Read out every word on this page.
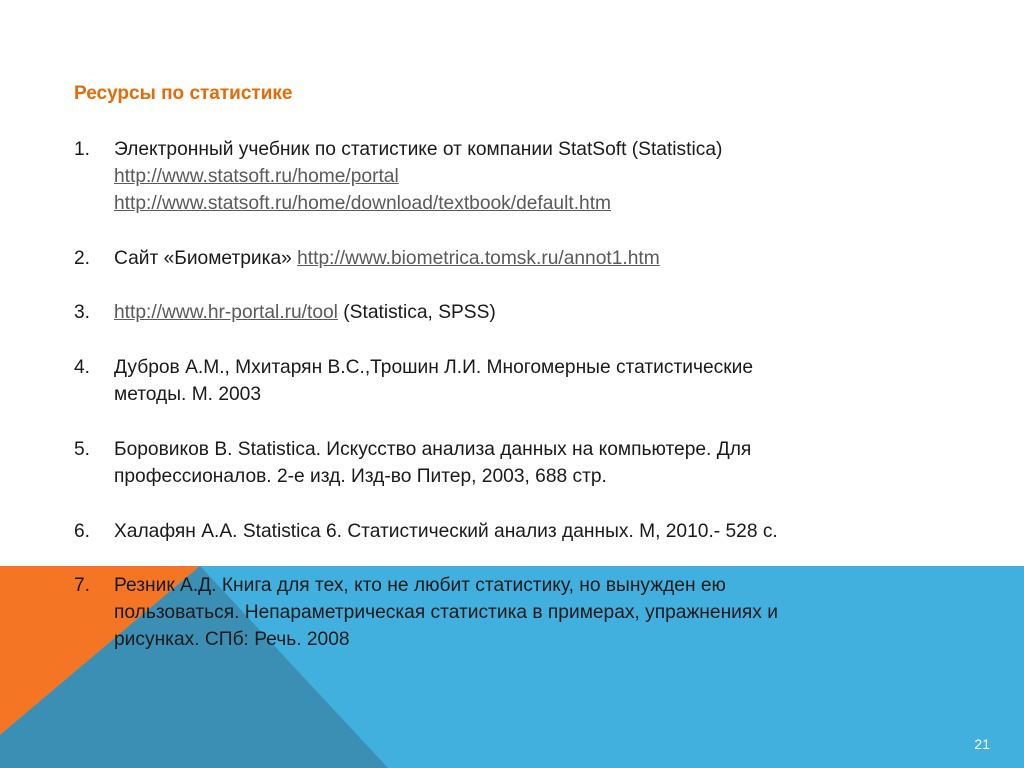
Ресурсы по статистике
1.	Электронный учебник по статистике от компании StatSoft (Statistica)
http://www.statsoft.ru/home/portal
http://www.statsoft.ru/home/download/textbook/default.htm
2.	Сайт «Биометрика» http://www.biometrica.tomsk.ru/annot1.htm
3.	http://www.hr-portal.ru/tool (Statistica, SPSS)
4.	Дубров А.М., Мхитарян В.С.,Трошин Л.И. Многомерные статистические
методы. М. 2003
5.	Боровиков В. Statistica. Искусство анализа данных на компьютере. Для
профессионалов. 2-е изд. Изд-во Питер, 2003, 688 стр.
6.	Халафян А.А. Statistica 6. Статистический анализ данных. М, 2010.- 528 с.
7.	Резник А.Д. Книга для тех, кто не любит статистику, но вынужден ею
пользоваться. Непараметрическая статистика в примерах, упражнениях и
рисунках. СПб: Речь. 2008
21
